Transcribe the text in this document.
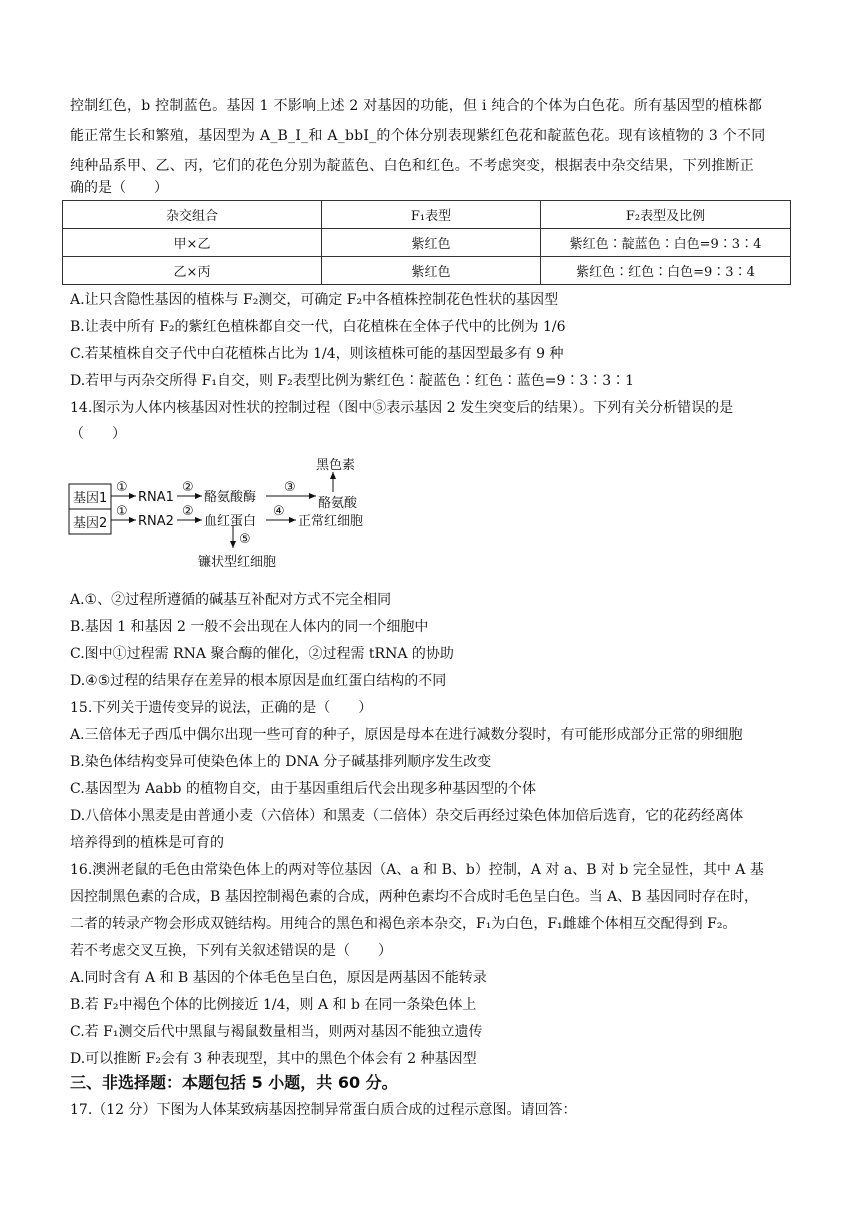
控制红色，b 控制蓝色。基因 1 不影响上述 2 对基因的功能，但 i 纯合的个体为白色花。所有基因型的植株都
能正常生长和繁殖，基因型为 A_B_I_和 A_bbI_的个体分别表现紫红色花和靛蓝色花。现有该植物的 3 个不同
纯种品系甲、乙、丙，它们的花色分别为靛蓝色、白色和红色。不考虑突变，根据表中杂交结果，下列推断正
确的是（　　）
杂交组合	F₁表型	F₂表型及比例
甲×乙	紫红色	紫红色∶靛蓝色∶白色=9∶3∶4
乙×丙	紫红色	紫红色∶红色∶白色=9∶3∶4
A.让只含隐性基因的植株与 F₂测交，可确定 F₂中各植株控制花色性状的基因型
B.让表中所有 F₂的紫红色植株都自交一代，白花植株在全体子代中的比例为 1/6
C.若某植株自交子代中白花植株占比为 1/4，则该植株可能的基因型最多有 9 种
D.若甲与丙杂交所得 F₁自交，则 F₂表型比例为紫红色∶靛蓝色∶红色∶蓝色=9∶3∶3∶1
14.图示为人体内核基因对性状的控制过程（图中⑤表示基因 2 发生突变后的结果）。下列有关分析错误的是
（　　）
基因1
基因2
①
RNA1
②
酪氨酸酶
③
酪氨酸
黑色素
①
RNA2
②
血红蛋白
④
正常红细胞
⑤
镰状型红细胞
A.①、②过程所遵循的碱基互补配对方式不完全相同
B.基因 1 和基因 2 一般不会出现在人体内的同一个细胞中
C.图中①过程需 RNA 聚合酶的催化，②过程需 tRNA 的协助
D.④⑤过程的结果存在差异的根本原因是血红蛋白结构的不同
15.下列关于遗传变异的说法，正确的是（　　）
A.三倍体无子西瓜中偶尔出现一些可育的种子，原因是母本在进行减数分裂时，有可能形成部分正常的卵细胞
B.染色体结构变异可使染色体上的 DNA 分子碱基排列顺序发生改变
C.基因型为 Aabb 的植物自交，由于基因重组后代会出现多种基因型的个体
D.八倍体小黑麦是由普通小麦（六倍体）和黑麦（二倍体）杂交后再经过染色体加倍后选育，它的花药经离体
培养得到的植株是可育的
16.澳洲老鼠的毛色由常染色体上的两对等位基因（A、a 和 B、b）控制，A 对 a、B 对 b 完全显性，其中 A 基
因控制黑色素的合成，B 基因控制褐色素的合成，两种色素均不合成时毛色呈白色。当 A、B 基因同时存在时，
二者的转录产物会形成双链结构。用纯合的黑色和褐色亲本杂交，F₁为白色，F₁雌雄个体相互交配得到 F₂。
若不考虑交叉互换，下列有关叙述错误的是（　　）
A.同时含有 A 和 B 基因的个体毛色呈白色，原因是两基因不能转录
B.若 F₂中褐色个体的比例接近 1/4，则 A 和 b 在同一条染色体上
C.若 F₁测交后代中黑鼠与褐鼠数量相当，则两对基因不能独立遗传
D.可以推断 F₂会有 3 种表现型，其中的黑色个体会有 2 种基因型
三、非选择题：本题包括 5 小题，共 60 分。
17.（12 分）下图为人体某致病基因控制异常蛋白质合成的过程示意图。请回答：
